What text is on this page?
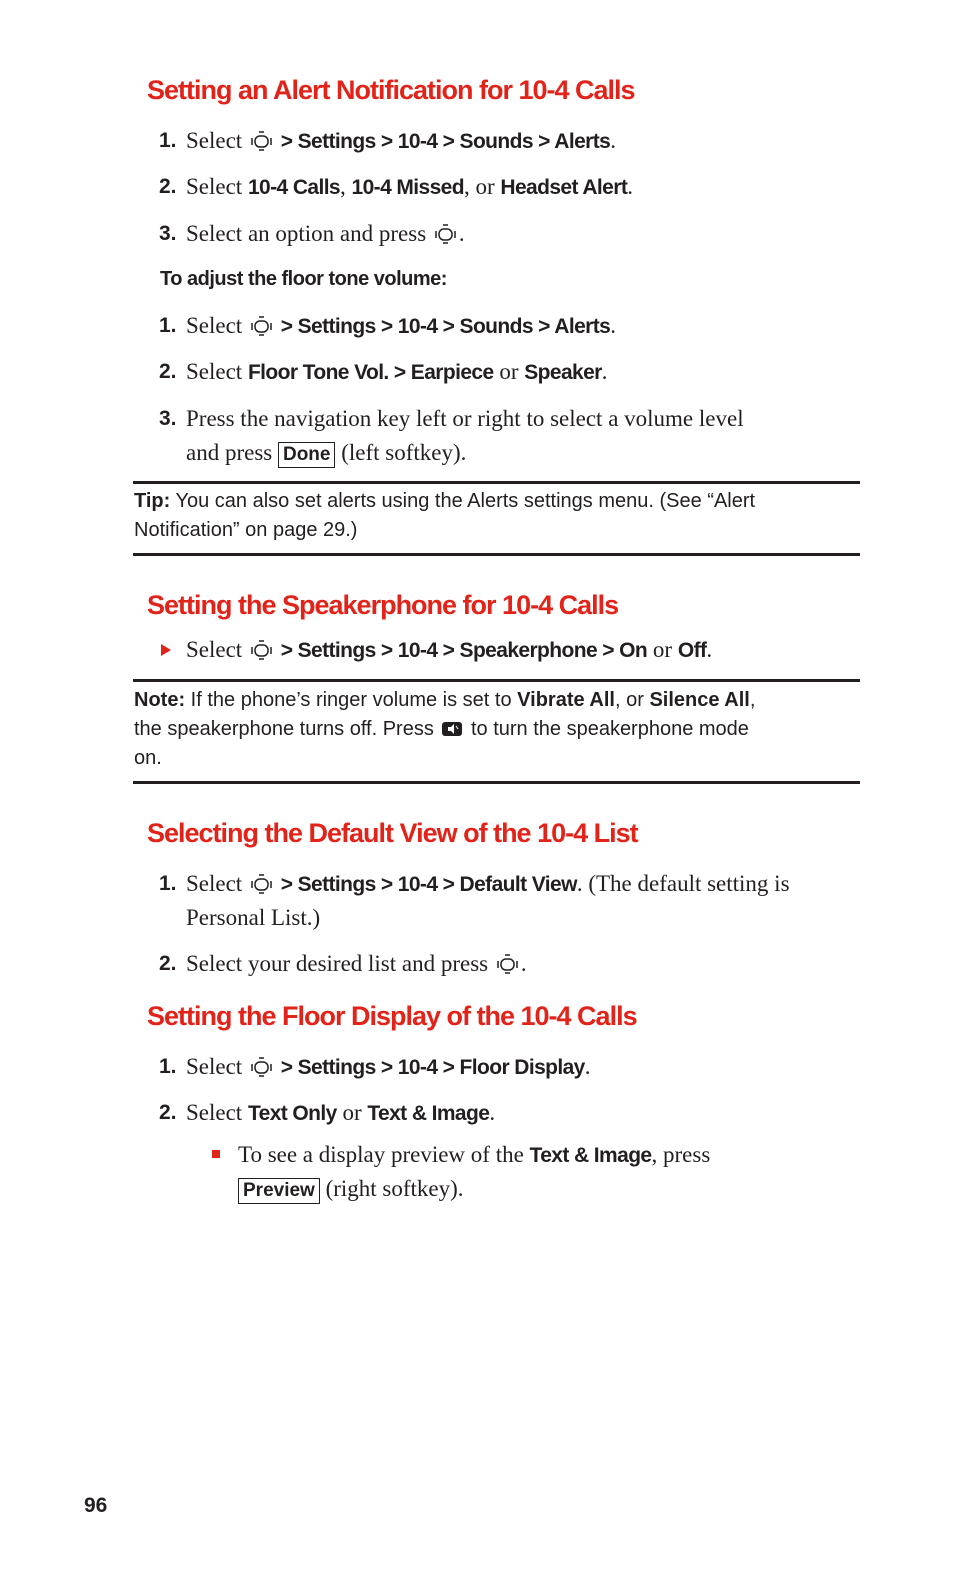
Setting an Alert Notification for 10-4 Calls
1. Select > Settings > 10-4 > Sounds > Alerts.
2. Select 10-4 Calls, 10-4 Missed, or Headset Alert.
3. Select an option and press .
To adjust the floor tone volume:
1. Select > Settings > 10-4 > Sounds > Alerts.
2. Select Floor Tone Vol. > Earpiece or Speaker.
3. Press the navigation key left or right to select a volume level
and press Done (left softkey).
Tip: You can also set alerts using the Alerts settings menu. (See “Alert
Notification” on page 29.)
Setting the Speakerphone for 10-4 Calls
Select > Settings > 10-4 > Speakerphone > On or Off.
Note: If the phone’s ringer volume is set to Vibrate All, or Silence All,
the speakerphone turns off. Press to turn the speakerphone mode
on.
Selecting the Default View of the 10-4 List
1. Select > Settings > 10-4 > Default View. (The default setting is
Personal List.)
2. Select your desired list and press .
Setting the Floor Display of the 10-4 Calls
1. Select > Settings > 10-4 > Floor Display.
2. Select Text Only or Text & Image.
To see a display preview of the Text & Image, press
Preview (right softkey).
96
